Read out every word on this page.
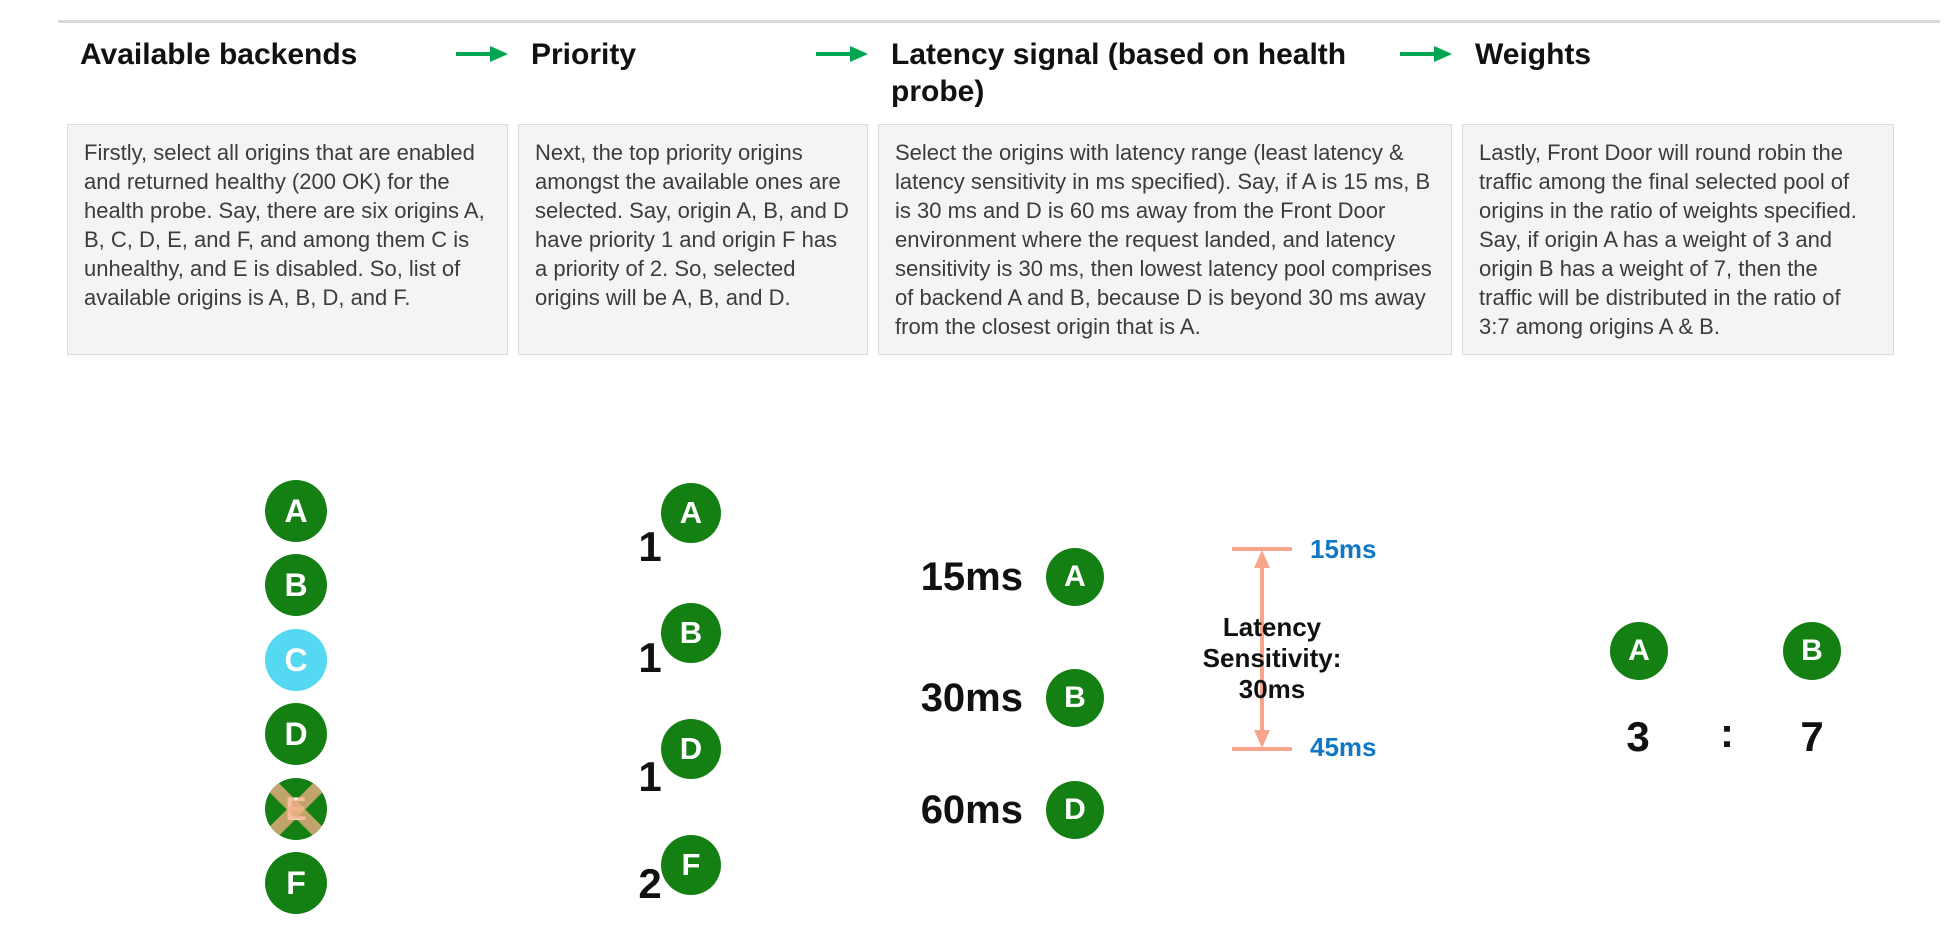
Available backends	Priority	Latency signal (based on health probe)
Weights
Firstly, select all origins that are enabled and returned healthy (200 OK) for the health probe. Say, there are six origins A, B, C, D, E, and F, and among them C is unhealthy, and E is disabled. So, list of available origins is A, B, D, and F.
Next, the top priority origins amongst the available ones are selected. Say, origin A, B, and D have priority 1 and origin F has a priority of 2. So, selected origins will be A, B, and D.
Select the origins with latency range (least latency & latency sensitivity in ms specified). Say, if A is 15 ms, B is 30 ms and D is 60 ms away from the Front Door environment where the request landed, and latency sensitivity is 30 ms, then lowest latency pool comprises of backend A and B, because D is beyond 30 ms away from the closest origin that is A.
Lastly, Front Door will round robin the traffic among the final selected pool of origins in the ratio of weights specified. Say, if origin A has a weight of 3 and origin B has a weight of 7, then the traffic will be distributed in the ratio of 3:7 among origins A & B.
A
B
C
D
F
1
A
1
B
1
D
2 F
15ms A
30ms B
60ms D
15ms
45ms
Latency Sensitivity:
30ms
A	B
3	:	7
